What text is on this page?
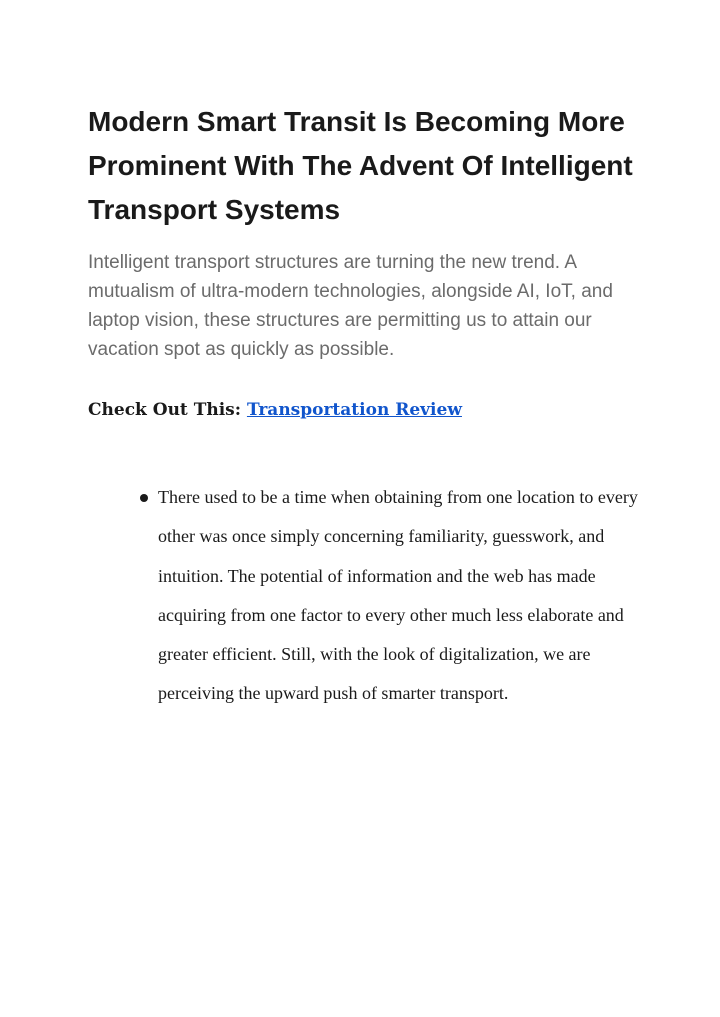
Modern Smart Transit Is Becoming More Prominent With The Advent Of Intelligent Transport Systems

Intelligent transport structures are turning the new trend. A mutualism of ultra-modern technologies, alongside AI, IoT, and laptop vision, these structures are permitting us to attain our vacation spot as quickly as possible.

Check Out This: Transportation Review

There used to be a time when obtaining from one location to every other was once simply concerning familiarity, guesswork, and intuition. The potential of information and the web has made acquiring from one factor to every other much less elaborate and greater efficient. Still, with the look of digitalization, we are perceiving the upward push of smarter transport.
